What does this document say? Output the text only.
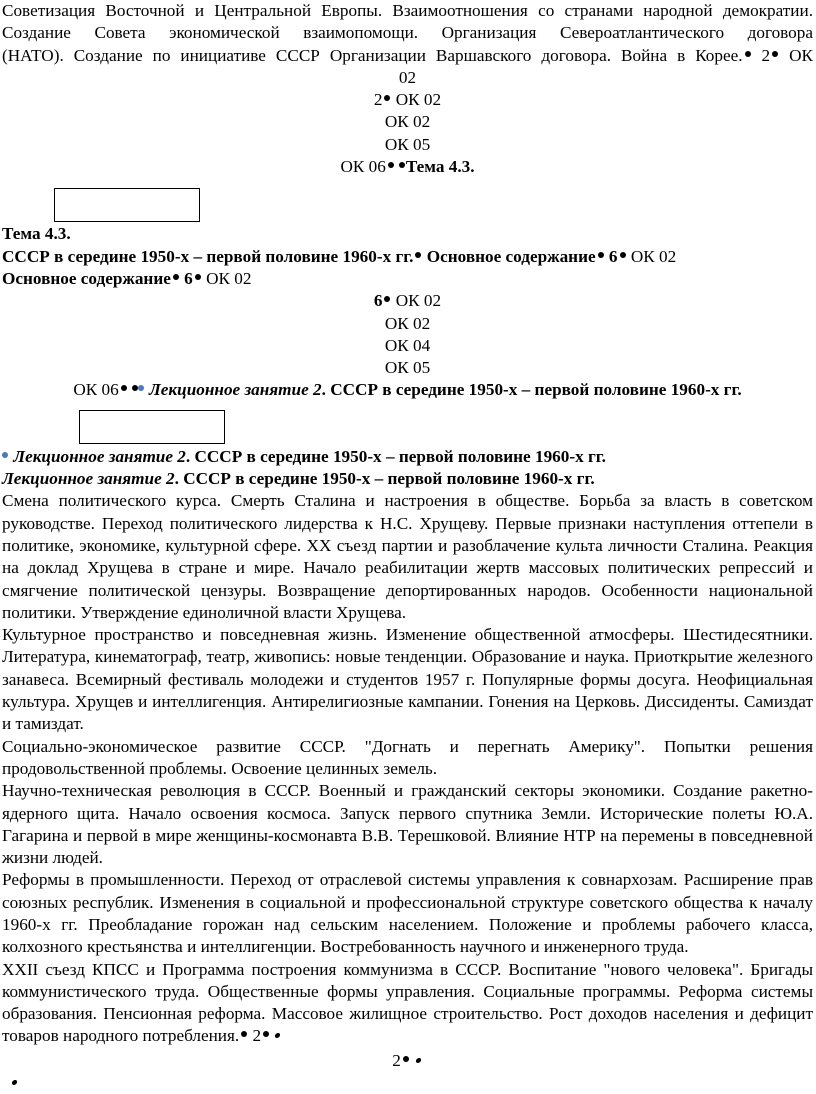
Советизация Восточной и Центральной Европы. Взаимоотношения со странами народной демократии.

Создание Совета экономической взаимопомощи. Организация Североатлантического договора

(НАТО). Создание по инициативе СССР Организации Варшавского договора. Война в Корее. 2 ОК

02

2 ОК 02

ОК 02

ОК 05

ОК 06 Тема 4.3.

Тема 4.3.

СССР в середине 1950-х – первой половине 1960-х гг. Основное содержание 6 ОК 02

Основное содержание 6 ОК 02

6 ОК 02

ОК 02

ОК 04

ОК 05

ОК 06 Лекционное занятие 2. СССР в середине 1950-х – первой половине 1960-х гг.

Лекционное занятие 2. СССР в середине 1950-х – первой половине 1960-х гг.

Лекционное занятие 2. СССР в середине 1950-х – первой половине 1960-х гг.

Смена политического курса. Смерть Сталина и настроения в обществе. Борьба за власть в советском руководстве. Переход политического лидерства к Н.С. Хрущеву. Первые признаки наступления оттепели в политике, экономике, культурной сфере. XX съезд партии и разоблачение культа личности Сталина. Реакция на доклад Хрущева в стране и мире. Начало реабилитации жертв массовых политических репрессий и смягчение политической цензуры. Возвращение депортированных народов. Особенности национальной политики. Утверждение единоличной власти Хрущева.

Культурное пространство и повседневная жизнь. Изменение общественной атмосферы. Шестидесятники. Литература, кинематограф, театр, живопись: новые тенденции. Образование и наука. Приоткрытие железного занавеса. Всемирный фестиваль молодежи и студентов 1957 г. Популярные формы досуга. Неофициальная культура. Хрущев и интеллигенция. Антирелигиозные кампании. Гонения на Церковь. Диссиденты. Самиздат и тамиздат.

Социально-экономическое развитие СССР. "Догнать и перегнать Америку". Попытки решения продовольственной проблемы. Освоение целинных земель.

Научно-техническая революция в СССР. Военный и гражданский секторы экономики. Создание ракетно-ядерного щита. Начало освоения космоса. Запуск первого спутника Земли. Исторические полеты Ю.А. Гагарина и первой в мире женщины-космонавта В.В. Терешковой. Влияние НТР на перемены в повседневной жизни людей.

Реформы в промышленности. Переход от отраслевой системы управления к совнархозам. Расширение прав союзных республик. Изменения в социальной и профессиональной структуре советского общества к началу 1960-х гг. Преобладание горожан над сельским населением. Положение и проблемы рабочего класса, колхозного крестьянства и интеллигенции. Востребованность научного и инженерного труда.

XXII съезд КПСС и Программа построения коммунизма в СССР. Воспитание "нового человека". Бригады коммунистического труда. Общественные формы управления. Социальные программы. Реформа системы образования. Пенсионная реформа. Массовое жилищное строительство. Рост доходов населения и дефицит товаров народного потребления. 2

2
